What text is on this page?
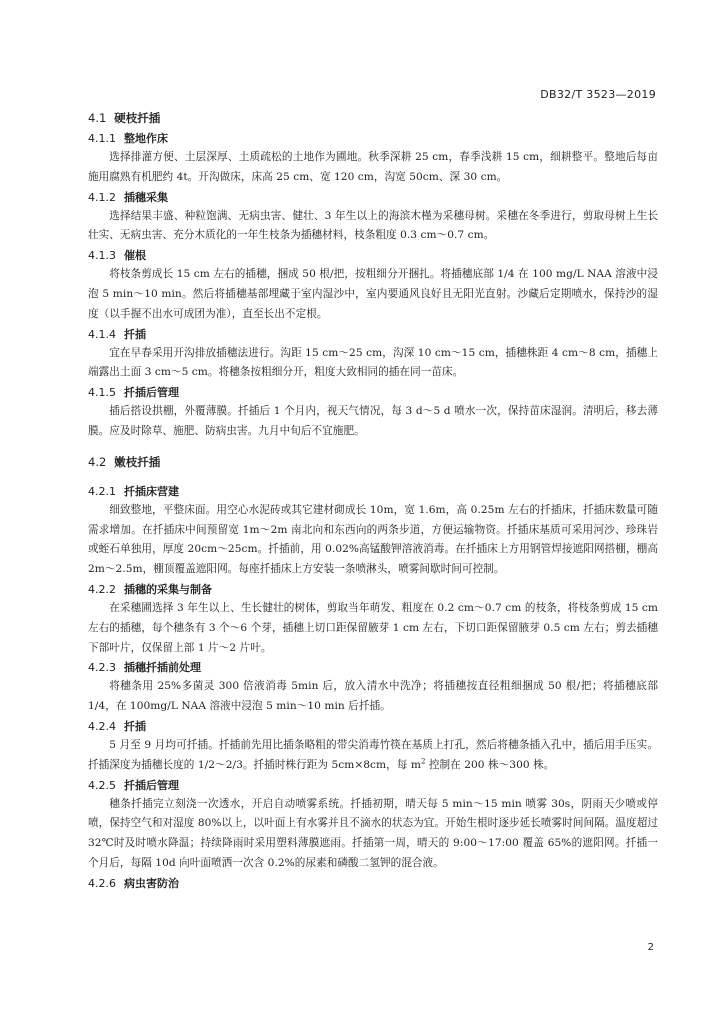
DB32/T 3523—2019
4.1 硬枝扦插
4.1.1 整地作床

选择排灌方便、土层深厚、土质疏松的土地作为圃地。秋季深耕 25 cm，春季浅耕 15 cm，细耕整平。整地后每亩施用腐熟有机肥约 4t。开沟做床，床高 25 cm、宽 120 cm，沟宽 50cm、深 30 cm。

4.1.2 插穗采集

选择结果丰盛、种粒饱满、无病虫害、健壮、3 年生以上的海滨木槿为采穗母树。采穗在冬季进行，剪取母树上生长壮实、无病虫害、充分木质化的一年生枝条为插穗材料，枝条粗度 0.3 cm～0.7 cm。

4.1.3 催根

将枝条剪成长 15 cm 左右的插穗，捆成 50 根/把，按粗细分开捆扎。将插穗底部 1/4 在 100 mg/L NAA 溶液中浸泡 5 min～10 min。然后将插穗基部埋藏于室内湿沙中，室内要通风良好且无阳光直射。沙藏后定期喷水，保持沙的湿度（以手握不出水可成团为准），直至长出不定根。

4.1.4 扦插

宜在早春采用开沟排放插穗法进行。沟距 15 cm～25 cm，沟深 10 cm～15 cm，插穗株距 4 cm～8 cm，插穗上端露出土面 3 cm～5 cm。将穗条按粗细分开，粗度大致相同的插在同一苗床。

4.1.5 扦插后管理

插后搭设拱棚，外覆薄膜。扦插后 1 个月内，视天气情况，每 3 d～5 d 喷水一次，保持苗床湿润。清明后，移去薄膜。应及时除草、施肥、防病虫害。九月中旬后不宜施肥。

4.2 嫩枝扦插
4.2.1 扦插床营建

细致整地，平整床面。用空心水泥砖或其它建材砌成长 10m，宽 1.6m，高 0.25m 左右的扦插床，扦插床数量可随需求增加。在扦插床中间预留宽 1m～2m 南北向和东西向的两条步道，方便运输物资。扦插床基质可采用河沙、珍珠岩或蛭石单独用，厚度 20cm～25cm。扦插前，用 0.02%高锰酸钾溶液消毒。在扦插床上方用钢管焊接遮阳网搭棚，棚高 2m～2.5m，棚顶覆盖遮阳网。每座扦插床上方安装一条喷淋头，喷雾间歇时间可控制。

4.2.2 插穗的采集与制备

在采穗圃选择 3 年生以上、生长健壮的树体，剪取当年萌发、粗度在 0.2 cm～0.7 cm 的枝条，将枝条剪成 15 cm 左右的插穗，每个穗条有 3 个～6 个芽，插穗上切口距保留腋芽 1 cm 左右，下切口距保留腋芽 0.5 cm 左右；剪去插穗下部叶片，仅保留上部 1 片～2 片叶。

4.2.3 插穗扦插前处理

将穗条用 25%多菌灵 300 倍液消毒 5min 后，放入清水中洗净；将插穗按直径粗细捆成 50 根/把；将插穗底部 1/4，在 100mg/L NAA 溶液中浸泡 5 min～10 min 后扦插。

4.2.4 扦插

5 月至 9 月均可扦插。扦插前先用比插条略粗的带尖消毒竹筷在基质上打孔，然后将穗条插入孔中，插后用手压实。扦插深度为插穗长度的 1/2～2/3。扦插时株行距为 5cm×8cm，每 $m^2$ 控制在 200 株～300 株。

4.2.5 扦插后管理

穗条扦插完立刻浇一次透水，开启自动喷雾系统。扦插初期，晴天每 5 min～15 min 喷雾 30s，阴雨天少喷或停喷，保持空气和对湿度 80%以上，以叶面上有水雾并且不滴水的状态为宜。开始生根时逐步延长喷雾时间间隔。温度超过 32℃时及时喷水降温；持续降雨时采用塑料薄膜遮雨。扦插第一周，晴天的 9:00～17:00 覆盖 65%的遮阳网。扦插一个月后，每隔 10d 向叶面喷洒一次含 0.2%的尿素和磷酸二氢钾的混合液。

4.2.6 病虫害防治
2
